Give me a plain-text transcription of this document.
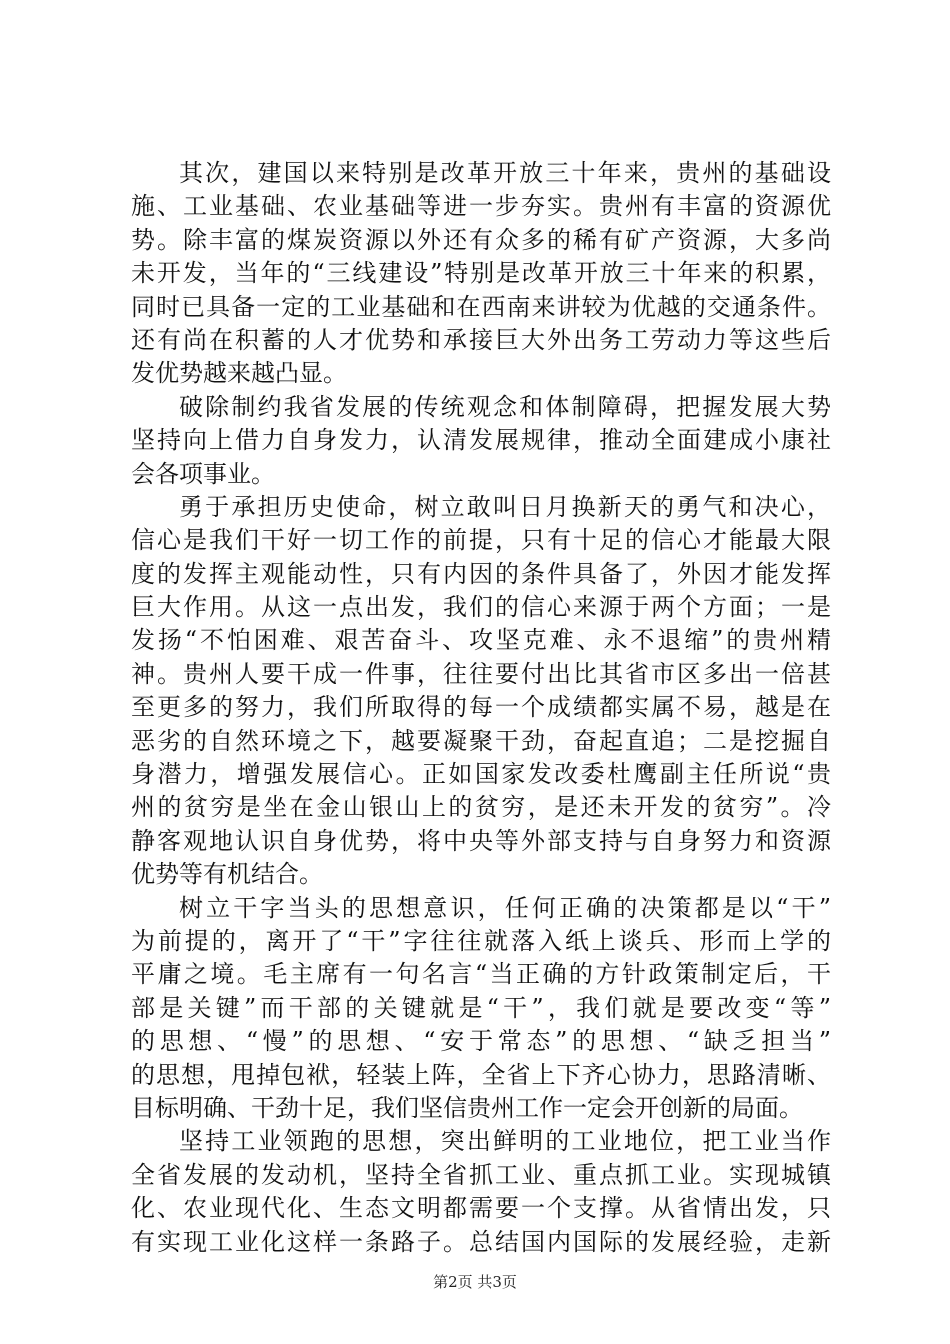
其次，建国以来特别是改革开放三十年来，贵州的基础设
施、工业基础、农业基础等进一步夯实。贵州有丰富的资源优
势。除丰富的煤炭资源以外还有众多的稀有矿产资源，大多尚
未开发，当年的“三线建设”特别是改革开放三十年来的积累，
同时已具备一定的工业基础和在西南来讲较为优越的交通条件。
还有尚在积蓄的人才优势和承接巨大外出务工劳动力等这些后
发优势越来越凸显。
破除制约我省发展的传统观念和体制障碍，把握发展大势
坚持向上借力自身发力，认清发展规律，推动全面建成小康社
会各项事业。
勇于承担历史使命，树立敢叫日月换新天的勇气和决心，
信心是我们干好一切工作的前提，只有十足的信心才能最大限
度的发挥主观能动性，只有内因的条件具备了，外因才能发挥
巨大作用。从这一点出发，我们的信心来源于两个方面；一是
发扬“不怕困难、艰苦奋斗、攻坚克难、永不退缩”的贵州精
神。贵州人要干成一件事，往往要付出比其省市区多出一倍甚
至更多的努力，我们所取得的每一个成绩都实属不易，越是在
恶劣的自然环境之下，越要凝聚干劲，奋起直追；二是挖掘自
身潜力，增强发展信心。正如国家发改委杜鹰副主任所说“贵
州的贫穷是坐在金山银山上的贫穷，是还未开发的贫穷”。冷
静客观地认识自身优势，将中央等外部支持与自身努力和资源
优势等有机结合。
树立干字当头的思想意识，任何正确的决策都是以“干”
为前提的，离开了“干”字往往就落入纸上谈兵、形而上学的
平庸之境。毛主席有一句名言“当正确的方针政策制定后，干
部是关键”而干部的关键就是“干”，我们就是要改变“等”
的思想、“慢”的思想、“安于常态”的思想、“缺乏担当”
的思想，甩掉包袱，轻装上阵，全省上下齐心协力，思路清晰、
目标明确、干劲十足，我们坚信贵州工作一定会开创新的局面。
坚持工业领跑的思想，突出鲜明的工业地位，把工业当作
全省发展的发动机，坚持全省抓工业、重点抓工业。实现城镇
化、农业现代化、生态文明都需要一个支撑。从省情出发，只
有实现工业化这样一条路子。总结国内国际的发展经验，走新
第2页 共3页
